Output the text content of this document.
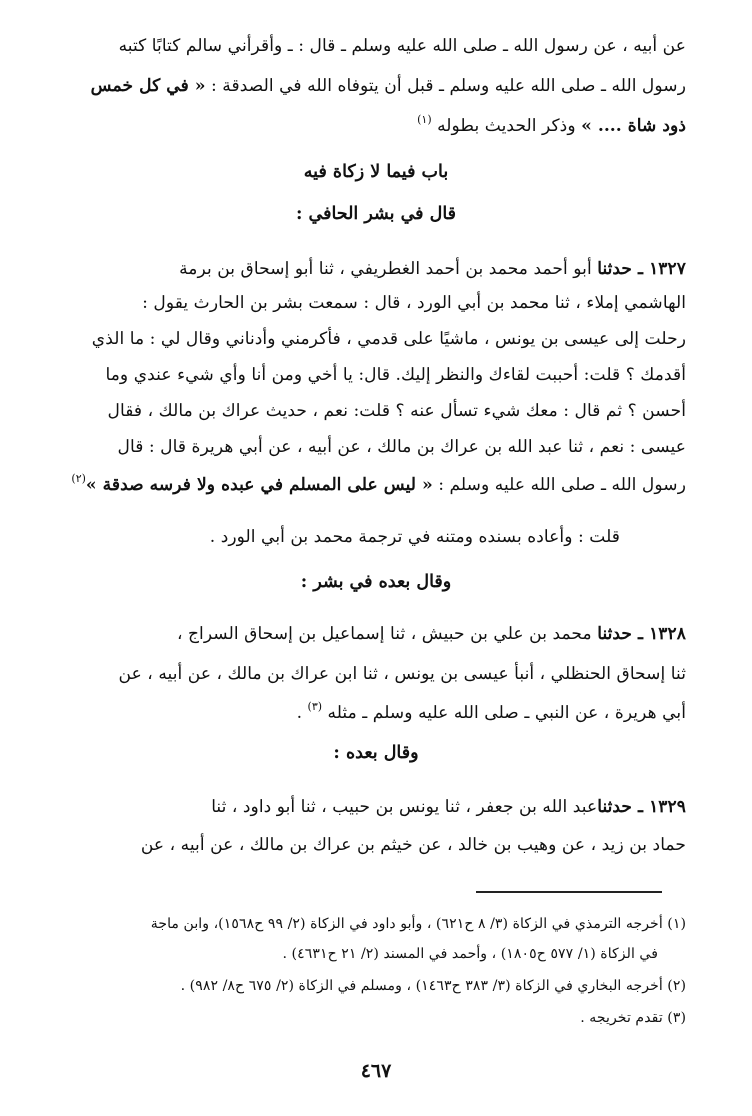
عن أبيه ، عن رسول الله ـ صلى الله عليه وسلم ـ قال : ـ وأقرأني سالم كتابًا كتبه
رسول الله ـ صلى الله عليه وسلم ـ قبل أن يتوفاه الله في الصدقة : « في كل خمس
ذود شاة .... » وذكر الحديث بطوله $^{(١)}$
باب فيما لا زكاة فيه
قال في بشر الحافي :
١٣٢٧ ـ حدثنا أبو أحمد محمد بن أحمد الغطريفي ، ثنا أبو إسحاق بن برمة
الهاشمي إملاء ، ثنا محمد بن أبي الورد ، قال : سمعت بشر بن الحارث يقول :
رحلت إلى عيسى بن يونس ، ماشيًا على قدمي ، فأكرمني وأدناني وقال لي : ما الذي
أقدمك ؟ قلت: أحببت لقاءك والنظر إليك. قال: يا أخي ومن أنا وأي شيء عندي وما
أحسن ؟ ثم قال : معك شيء تسأل عنه ؟ قلت: نعم ، حديث عراك بن مالك ، فقال
عيسى : نعم ، ثنا عبد الله بن عراك بن مالك ، عن أبيه ، عن أبي هريرة قال : قال
رسول الله ـ صلى الله عليه وسلم : « ليس على المسلم في عبده ولا فرسه صدقة »$^{(٢)}$
قلت : وأعاده بسنده ومتنه في ترجمة محمد بن أبي الورد .
وقال بعده في بشر :
١٣٢٨ ـ حدثنا محمد بن علي بن حبيش ، ثنا إسماعيل بن إسحاق السراج ،
ثنا إسحاق الحنظلي ، أنبأ عيسى بن يونس ، ثنا ابن عراك بن مالك ، عن أبيه ، عن
أبي هريرة ، عن النبي ـ صلى الله عليه وسلم ـ مثله $^{(٣)}$ .
وقال بعده :
١٣٢٩ ـ حدثناعبد الله بن جعفر ، ثنا يونس بن حبيب ، ثنا أبو داود ، ثنا
حماد بن زيد ، عن وهيب بن خالد ، عن خيثم بن عراك بن مالك ، عن أبيه ، عن
(١) أخرجه الترمذي في الزكاة (٣/ ٨ ح٦٢١) ، وأبو داود في الزكاة (٢/ ٩٩ ح١٥٦٨)، وابن ماجة
في الزكاة (١/ ٥٧٧ ح١٨٠٥) ، وأحمد في المسند (٢/ ٢١ ح٤٦٣١) .
(٢) أخرجه البخاري في الزكاة (٣/ ٣٨٣ ح١٤٦٣) ، ومسلم في الزكاة (٢/ ٦٧٥ ح٨/ ٩٨٢) .
(٣) تقدم تخريجه .
٤٦٧
